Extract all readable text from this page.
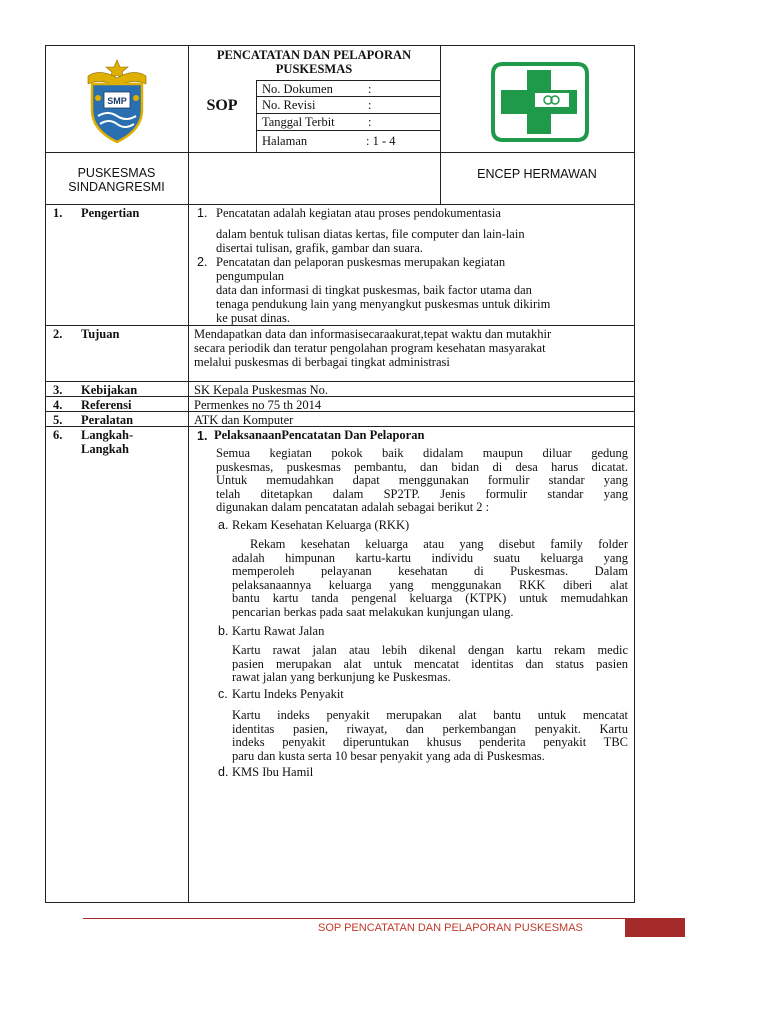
SMP
PENCATATAN DAN PELAPORAN
PUSKESMAS
SOP
No. Dokumen	:
No. Revisi	:
Tanggal Terbit	:
Halaman	: 1 - 4
PUSKESMAS
SINDANGRESMI
ENCEP HERMAWAN
1. Pengertian	1. Pencatatan adalah kegiatan atau proses pendokumentasia
dalam bentuk tulisan diatas kertas, file computer dan lain-lain
disertai tulisan, grafik, gambar dan suara.
2. Pencatatan dan pelaporan puskesmas merupakan kegiatan
pengumpulan
data dan informasi di tingkat puskesmas, baik factor utama dan
tenaga pendukung lain yang menyangkut puskesmas untuk dikirim
ke pusat dinas.
2. Tujuan	Mendapatkan data dan informasisecaraakurat,tepat waktu dan mutakhir
secara periodik dan teratur pengolahan program kesehatan masyarakat
melalui puskesmas di berbagai tingkat administrasi
3. Kebijakan	SK Kepala Puskesmas No.
4. Referensi	Permenkes no 75 th 2014
5. Peralatan	ATK dan Komputer
6. Langkah-
Langkah
1. PelaksanaanPencatatan Dan Pelaporan
Semua kegiatan pokok baik didalam maupun diluar gedung
puskesmas, puskesmas pembantu, dan bidan di desa harus dicatat.
Untuk memudahkan dapat menggunakan formulir standar yang
telah ditetapkan dalam SP2TP. Jenis formulir standar yang
digunakan dalam pencatatan adalah sebagai berikut 2 :
a. Rekam Kesehatan Keluarga (RKK)
Rekam kesehatan keluarga atau yang disebut family folder
adalah himpunan kartu-kartu individu suatu keluarga yang
memperoleh pelayanan kesehatan di Puskesmas. Dalam
pelaksanaannya keluarga yang menggunakan RKK diberi alat
bantu kartu tanda pengenal keluarga (KTPK) untuk memudahkan
pencarian berkas pada saat melakukan kunjungan ulang.
b. Kartu Rawat Jalan
Kartu rawat jalan atau lebih dikenal dengan kartu rekam medic
pasien merupakan alat untuk mencatat identitas dan status pasien
rawat jalan yang berkunjung ke Puskesmas.
c. Kartu Indeks Penyakit
Kartu indeks penyakit merupakan alat bantu untuk mencatat
identitas pasien, riwayat, dan perkembangan penyakit. Kartu
indeks penyakit diperuntukan khusus penderita penyakit TBC
paru dan kusta serta 10 besar penyakit yang ada di Puskesmas.
d. KMS Ibu Hamil
SOP PENCATATAN DAN PELAPORAN PUSKESMAS
